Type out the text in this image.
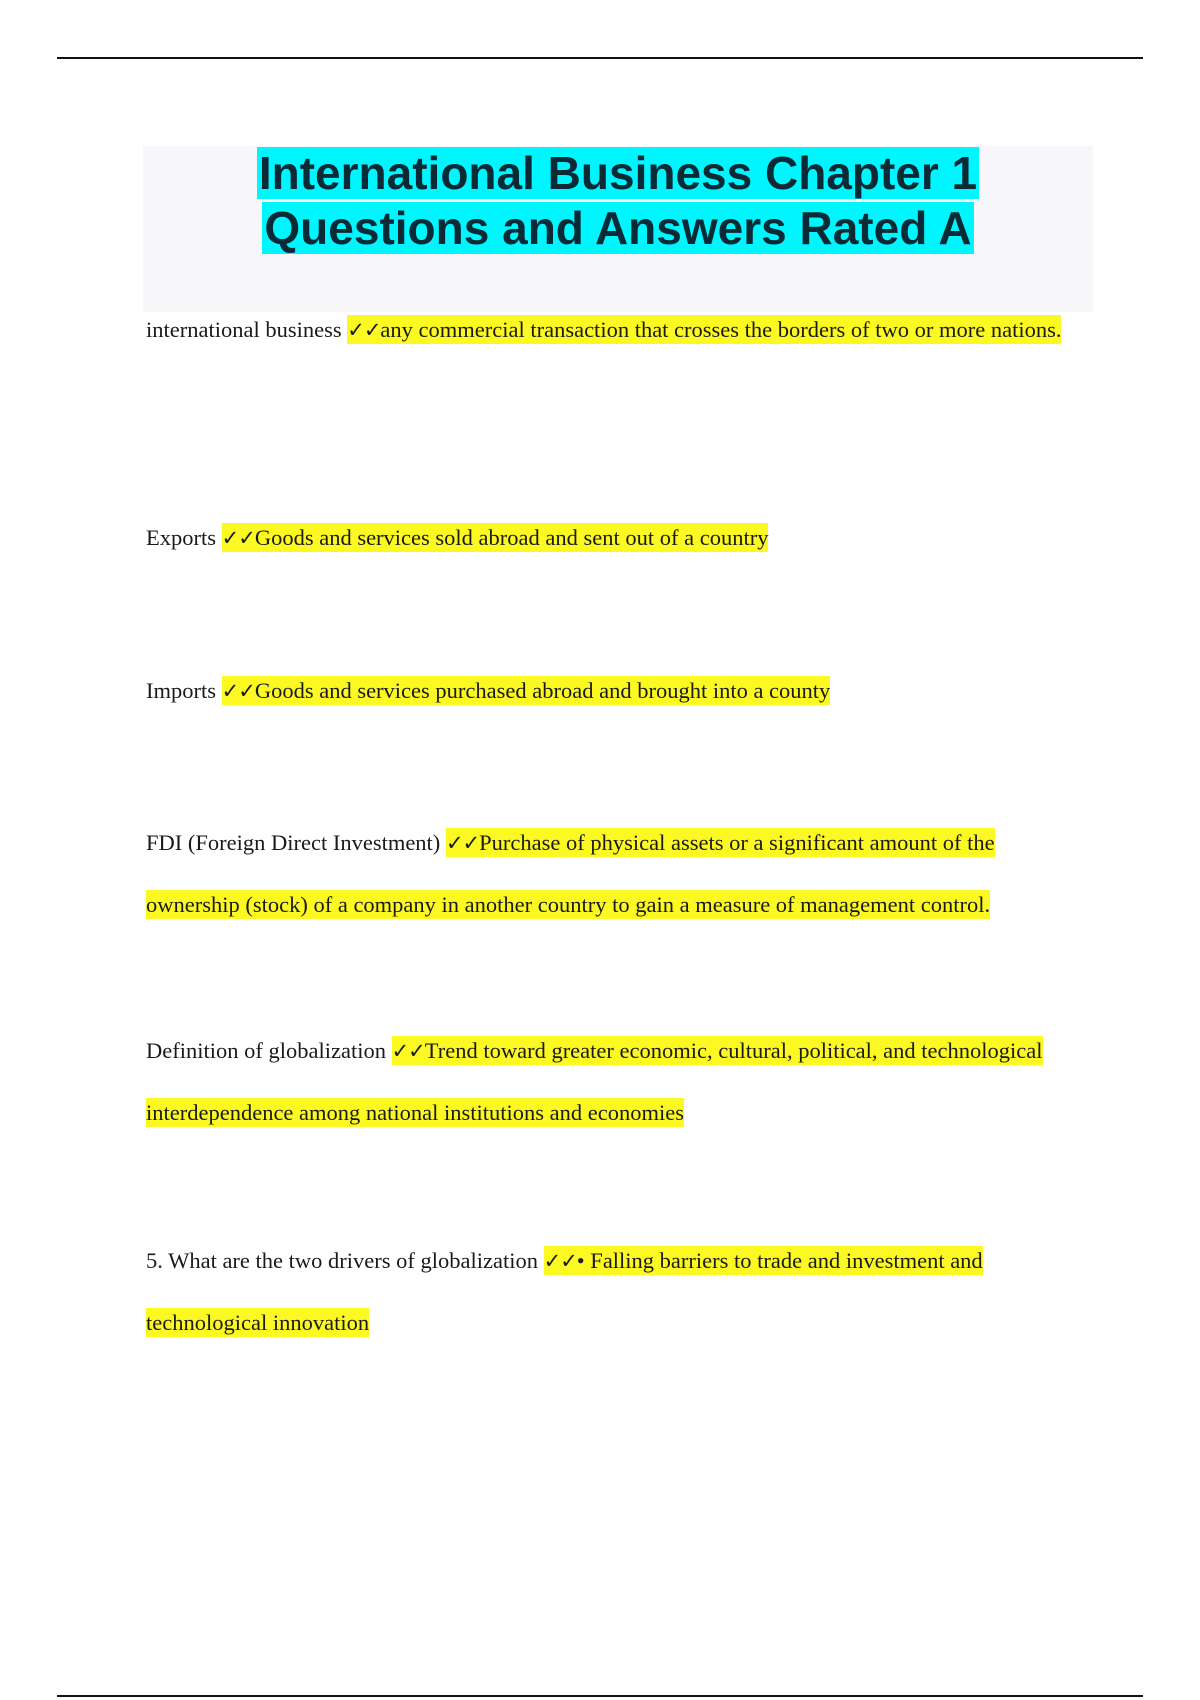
International Business Chapter 1
Questions and Answers Rated A

international business ✓✓any commercial transaction that crosses the borders of two or more nations.

Exports ✓✓Goods and services sold abroad and sent out of a country

Imports ✓✓Goods and services purchased abroad and brought into a county

FDI (Foreign Direct Investment) ✓✓Purchase of physical assets or a significant amount of the ownership (stock) of a company in another country to gain a measure of management control.

Definition of globalization ✓✓Trend toward greater economic, cultural, political, and technological interdependence among national institutions and economies

5. What are the two drivers of globalization ✓✓• Falling barriers to trade and investment and technological innovation
